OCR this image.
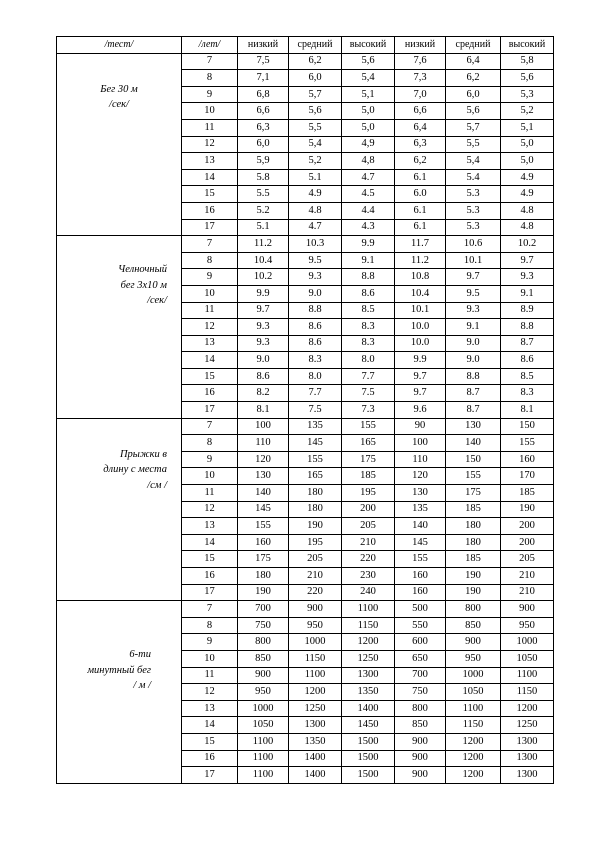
/тест/	/лет/	низкий	средний	высокий	низкий	средний	высокий

Бег 30 м
/сек/	7	7,5	6,2	5,6	7,6	6,4	5,8
	8	7,1	6,0	5,4	7,3	6,2	5,6
	9	6,8	5,7	5,1	7,0	6,0	5,3
	10	6,6	5,6	5,0	6,6	5,6	5,2
	11	6,3	5,5	5,0	6,4	5,7	5,1
	12	6,0	5,4	4,9	6,3	5,5	5,0
	13	5,9	5,2	4,8	6,2	5,4	5,0
	14	5.8	5.1	4.7	6.1	5.4	4.9
	15	5.5	4.9	4.5	6.0	5.3	4.9
	16	5.2	4.8	4.4	6.1	5.3	4.8
	17	5.1	4.7	4.3	6.1	5.3	4.8

Челночный
бег 3х10 м
/сек/	7	11.2	10.3	9.9	11.7	10.6	10.2
	8	10.4	9.5	9.1	11.2	10.1	9.7
	9	10.2	9.3	8.8	10.8	9.7	9.3
	10	9.9	9.0	8.6	10.4	9.5	9.1
	11	9.7	8.8	8.5	10.1	9.3	8.9
	12	9.3	8.6	8.3	10.0	9.1	8.8
	13	9.3	8.6	8.3	10.0	9.0	8.7
	14	9.0	8.3	8.0	9.9	9.0	8.6
	15	8.6	8.0	7.7	9.7	8.8	8.5
	16	8.2	7.7	7.5	9.7	8.7	8.3
	17	8.1	7.5	7.3	9.6	8.7	8.1

Прыжки в
длину с места
/см /	7	100	135	155	90	130	150
	8	110	145	165	100	140	155
	9	120	155	175	110	150	160
	10	130	165	185	120	155	170
	11	140	180	195	130	175	185
	12	145	180	200	135	185	190
	13	155	190	205	140	180	200
	14	160	195	210	145	180	200
	15	175	205	220	155	185	205
	16	180	210	230	160	190	210
	17	190	220	240	160	190	210

6-ти
минутный бег
/ м /	7	700	900	1100	500	800	900
	8	750	950	1150	550	850	950
	9	800	1000	1200	600	900	1000
	10	850	1150	1250	650	950	1050
	11	900	1100	1300	700	1000	1100
	12	950	1200	1350	750	1050	1150
	13	1000	1250	1400	800	1100	1200
	14	1050	1300	1450	850	1150	1250
	15	1100	1350	1500	900	1200	1300
	16	1100	1400	1500	900	1200	1300
	17	1100	1400	1500	900	1200	1300
